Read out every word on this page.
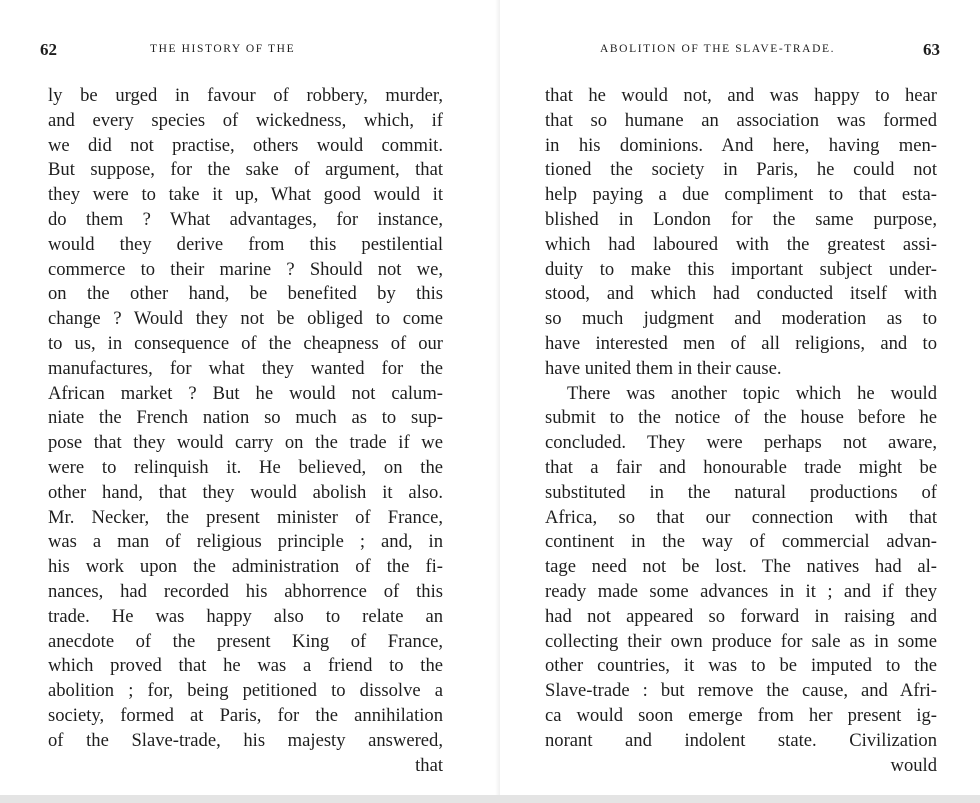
62	THE HISTORY OF THE
ly be urged in favour of robbery, murder,
and every species of wickedness, which, if
we did not practise, others would commit.
But suppose, for the sake of argument, that
they were to take it up, What good would it
do them ? What advantages, for instance,
would they derive from this pestilential
commerce to their marine ? Should not we,
on the other hand, be benefited by this
change ? Would they not be obliged to come
to us, in consequence of the cheapness of our
manufactures, for what they wanted for the
African market ? But he would not calum-
niate the French nation so much as to sup-
pose that they would carry on the trade if we
were to relinquish it. He believed, on the
other hand, that they would abolish it also.
Mr. Necker, the present minister of France,
was a man of religious principle ; and, in
his work upon the administration of the fi-
nances, had recorded his abhorrence of this
trade. He was happy also to relate an
anecdote of the present King of France,
which proved that he was a friend to the
abolition ; for, being petitioned to dissolve a
society, formed at Paris, for the annihilation
of the Slave-trade, his majesty answered,
that
ABOLITION OF THE SLAVE-TRADE.	63
that he would not, and was happy to hear
that so humane an association was formed
in his dominions. And here, having men-
tioned the society in Paris, he could not
help paying a due compliment to that esta-
blished in London for the same purpose,
which had laboured with the greatest assi-
duity to make this important subject under-
stood, and which had conducted itself with
so much judgment and moderation as to
have interested men of all religions, and to
have united them in their cause.
There was another topic which he would
submit to the notice of the house before he
concluded. They were perhaps not aware,
that a fair and honourable trade might be
substituted in the natural productions of
Africa, so that our connection with that
continent in the way of commercial advan-
tage need not be lost. The natives had al-
ready made some advances in it ; and if they
had not appeared so forward in raising and
collecting their own produce for sale as in some
other countries, it was to be imputed to the
Slave-trade : but remove the cause, and Afri-
ca would soon emerge from her present ig-
norant and indolent state. Civilization
would
